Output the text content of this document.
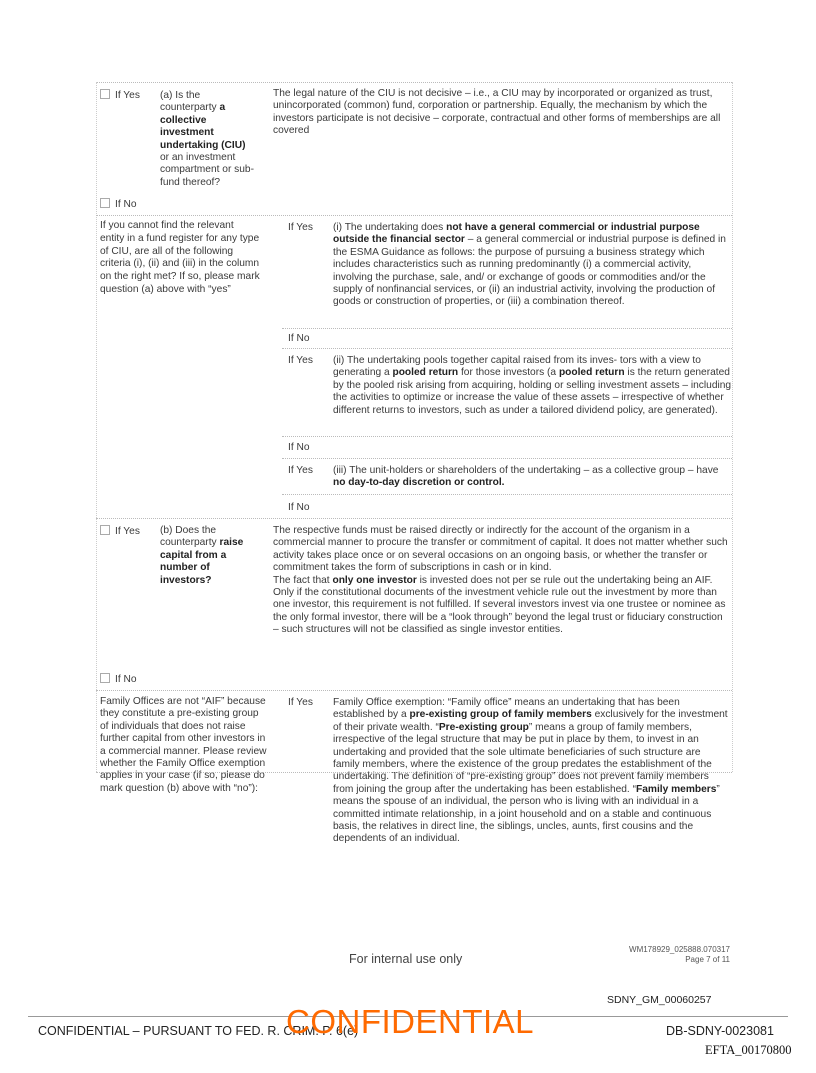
If Yes (a) Is the counterparty a collective investment undertaking (CIU) or an investment compartment or sub-fund thereof?
The legal nature of the CIU is not decisive – i.e., a CIU may by incorporated or organized as trust, unincorporated (common) fund, corporation or partnership. Equally, the mechanism by which the investors participate is not decisive – corporate, contractual and other forms of memberships are all covered
If No
If you cannot find the relevant entity in a fund register for any type of CIU, are all of the following criteria (i), (ii) and (iii) in the column on the right met? If so, please mark question (a) above with “yes”
If Yes (i) The undertaking does not have a general commercial or industrial purpose outside the financial sector – a general commercial or industrial purpose is defined in the ESMA Guidance as follows: the purpose of pursuing a business strategy which includes characteristics such as running predominantly (i) a commercial activity, involving the purchase, sale, and/ or exchange of goods or commodities and/or the supply of nonfinancial services, or (ii) an industrial activity, involving the production of goods or construction of properties, or (iii) a combination thereof.
If No
If Yes (ii) The undertaking pools together capital raised from its inves- tors with a view to generating a pooled return for those investors (a pooled return is the return generated by the pooled risk arising from acquiring, holding or selling investment assets – including the activities to optimize or increase the value of these assets – irrespective of whether different returns to investors, such as under a tailored dividend policy, are generated).
If No
If Yes (iii) The unit-holders or shareholders of the undertaking – as a collective group – have no day-to-day discretion or control.
If No
If Yes (b) Does the counterparty raise capital from a number of investors?
The respective funds must be raised directly or indirectly for the account of the organism in a commercial manner to procure the transfer or commitment of capital. It does not matter whether such activity takes place once or on several occasions on an ongoing basis, or whether the transfer or commitment takes the form of subscriptions in cash or in kind.
The fact that only one investor is invested does not per se rule out the undertaking being an AIF. Only if the constitutional documents of the investment vehicle rule out the investment by more than one investor, this requirement is not fulfilled. If several investors invest via one trustee or nominee as the only formal investor, there will be a “look through” beyond the legal trust or fiduciary construction – such structures will not be classified as single investor entities.
If No
Family Offices are not “AIF” because they constitute a pre-existing group of individuals that does not raise further capital from other investors in a commercial manner. Please review whether the Family Office exemption applies in your case (if so, please do mark question (b) above with “no”):
If Yes Family Office exemption: “Family office” means an undertaking that has been established by a pre-existing group of family members exclusively for the investment of their private wealth. “Pre-existing group” means a group of family members, irrespective of the legal structure that may be put in place by them, to invest in an undertaking and provided that the sole ultimate beneficiaries of such structure are family members, where the existence of the group predates the establishment of the undertaking. The definition of “pre-existing group” does not prevent family members from joining the group after the undertaking has been established. “Family members” means the spouse of an individual, the person who is living with an individual in a committed intimate relationship, in a joint household and on a stable and continuous basis, the relatives in direct line, the siblings, uncles, aunts, first cousins and the dependents of an individual.
For internal use only
WM178929_025888.070317
Page 7 of 11
SDNY_GM_00060257
CONFIDENTIAL – PURSUANT TO FED. R. CRIM. P. 6(e)
CONFIDENTIAL	DB-SDNY-0023081
EFTA_00170800
